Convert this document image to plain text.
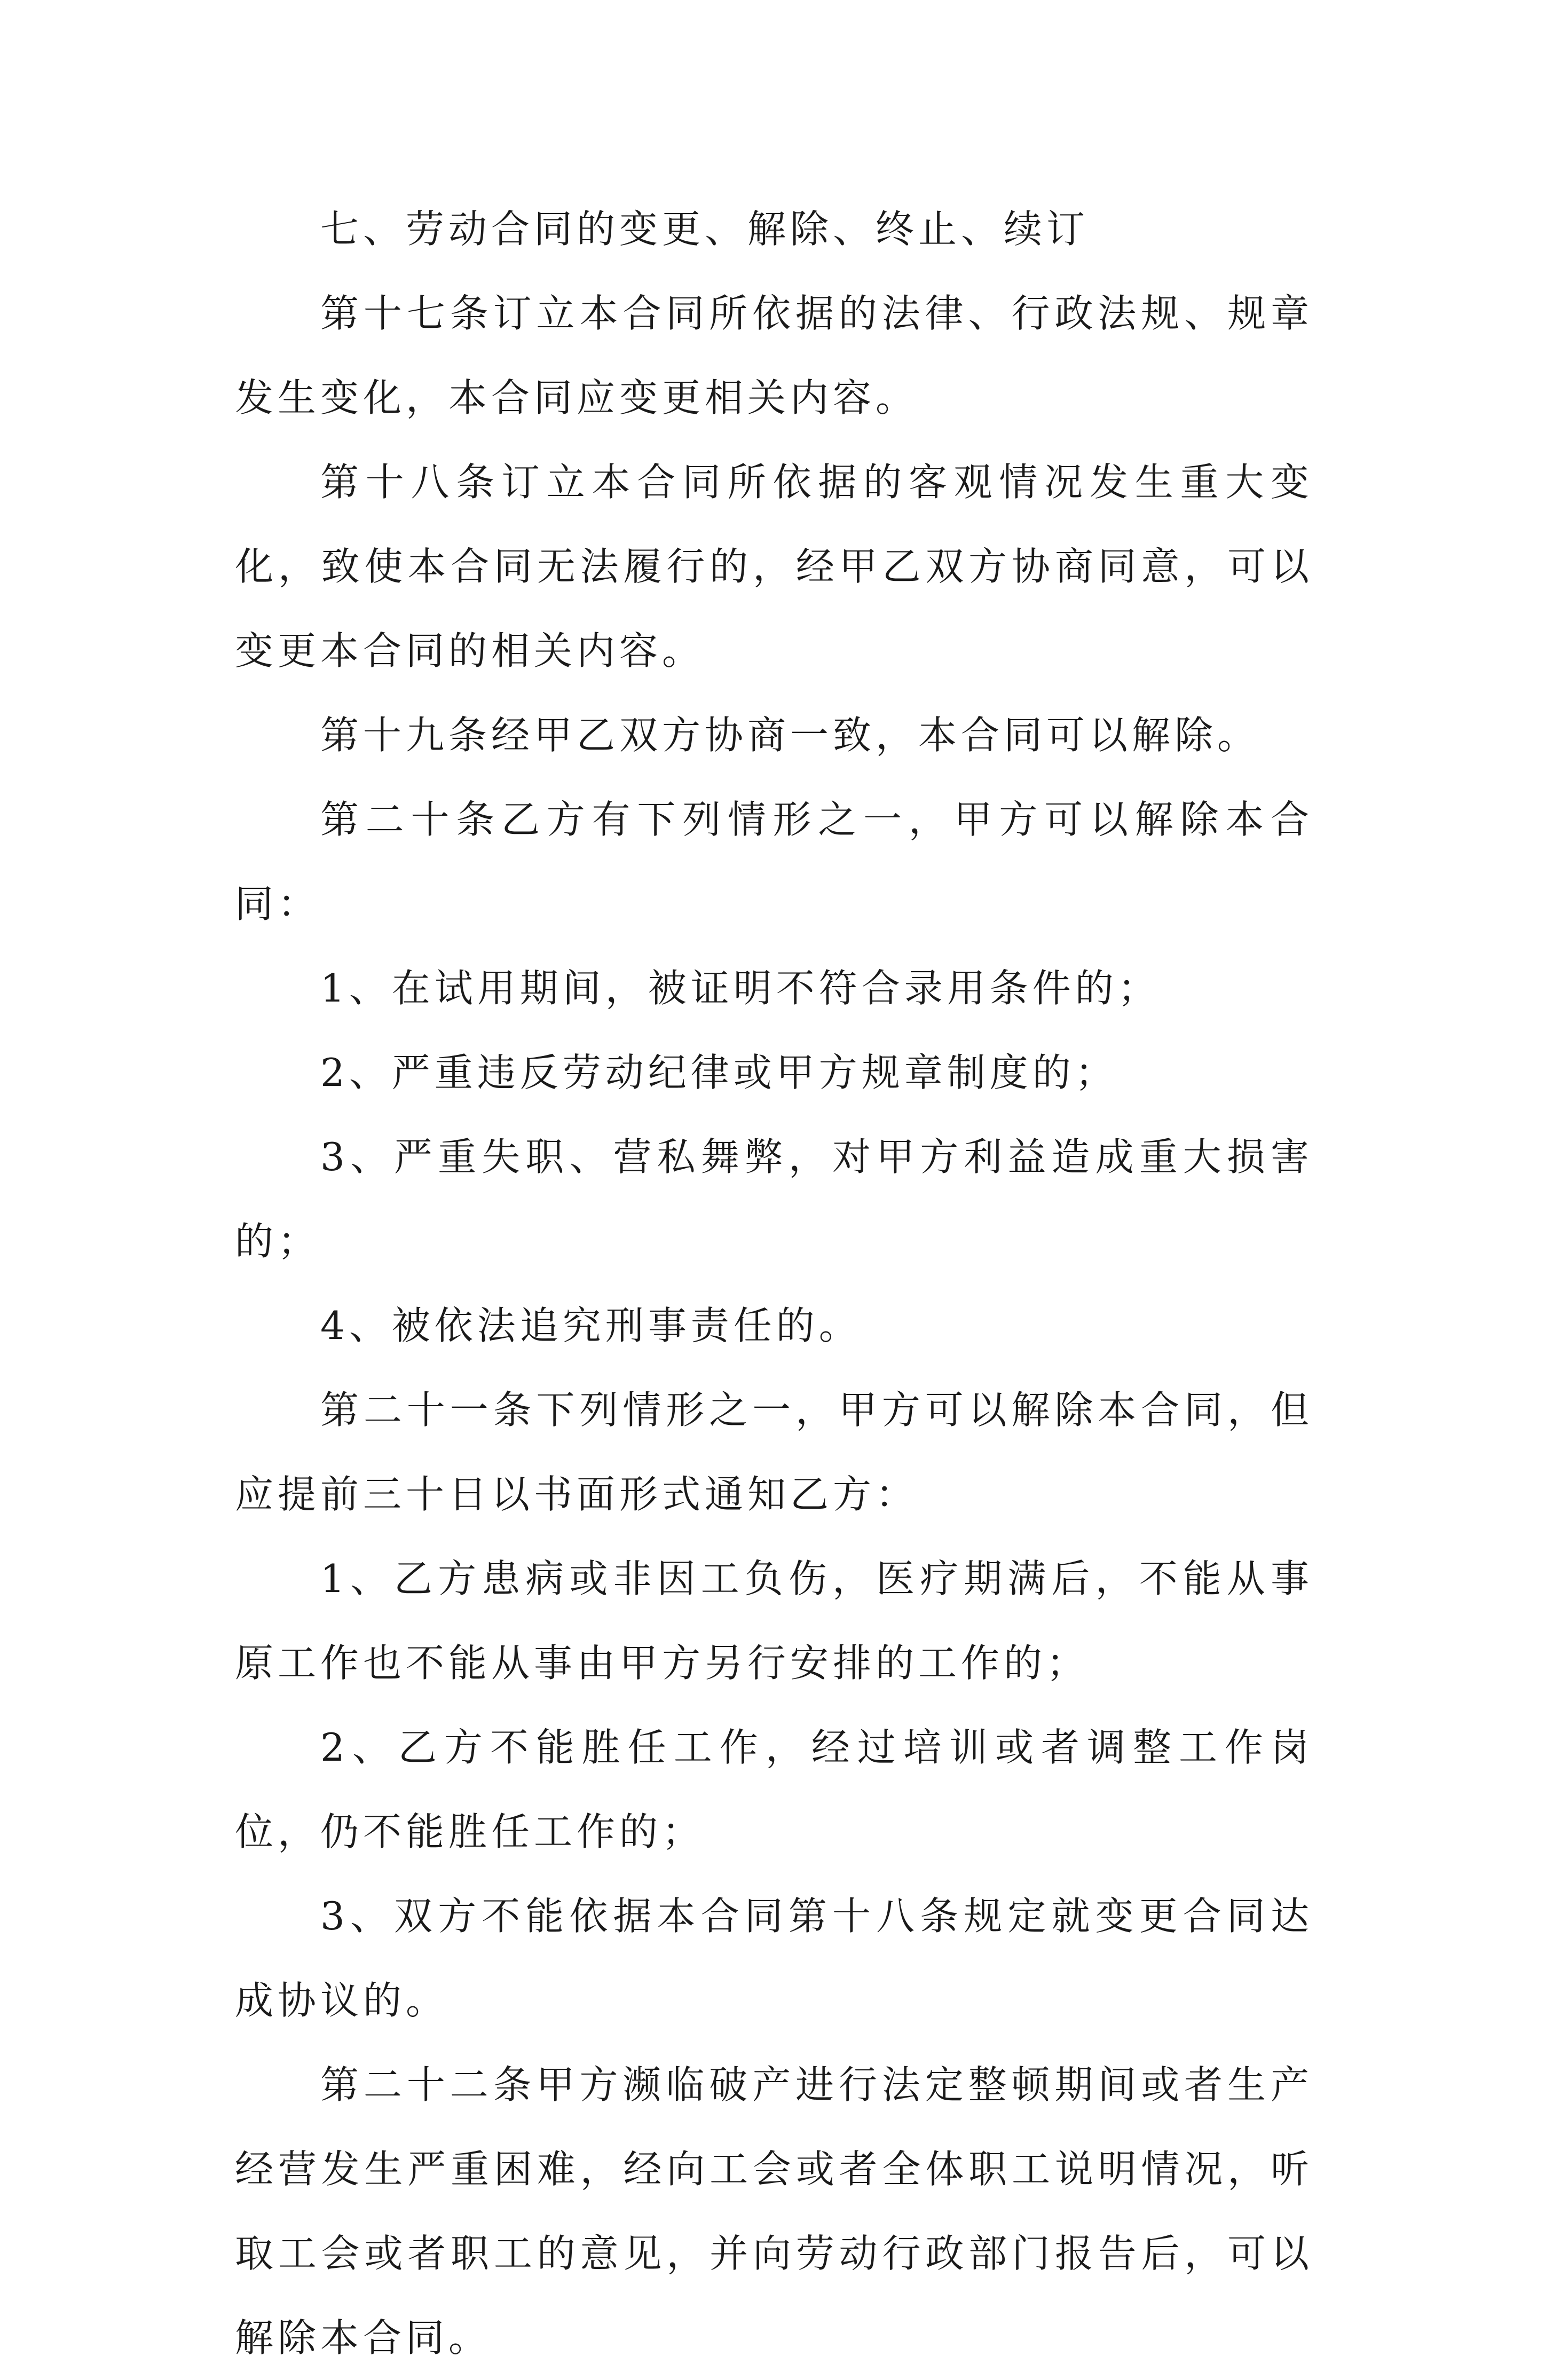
七、劳动合同的变更、解除、终止、续订

第十七条订立本合同所依据的法律、行政法规、规章发生变化，本合同应变更相关内容。

第十八条订立本合同所依据的客观情况发生重大变化，致使本合同无法履行的，经甲乙双方协商同意，可以变更本合同的相关内容。

第十九条经甲乙双方协商一致，本合同可以解除。

第二十条乙方有下列情形之一，甲方可以解除本合同：

1、在试用期间，被证明不符合录用条件的；

2、严重违反劳动纪律或甲方规章制度的；

3、严重失职、营私舞弊，对甲方利益造成重大损害的；

4、被依法追究刑事责任的。

第二十一条下列情形之一，甲方可以解除本合同，但应提前三十日以书面形式通知乙方：

1、乙方患病或非因工负伤，医疗期满后，不能从事原工作也不能从事由甲方另行安排的工作的；

2、乙方不能胜任工作，经过培训或者调整工作岗位，仍不能胜任工作的；

3、双方不能依据本合同第十八条规定就变更合同达成协议的。

第二十二条甲方濒临破产进行法定整顿期间或者生产经营发生严重困难，经向工会或者全体职工说明情况，听取工会或者职工的意见，并向劳动行政部门报告后，可以解除本合同。
